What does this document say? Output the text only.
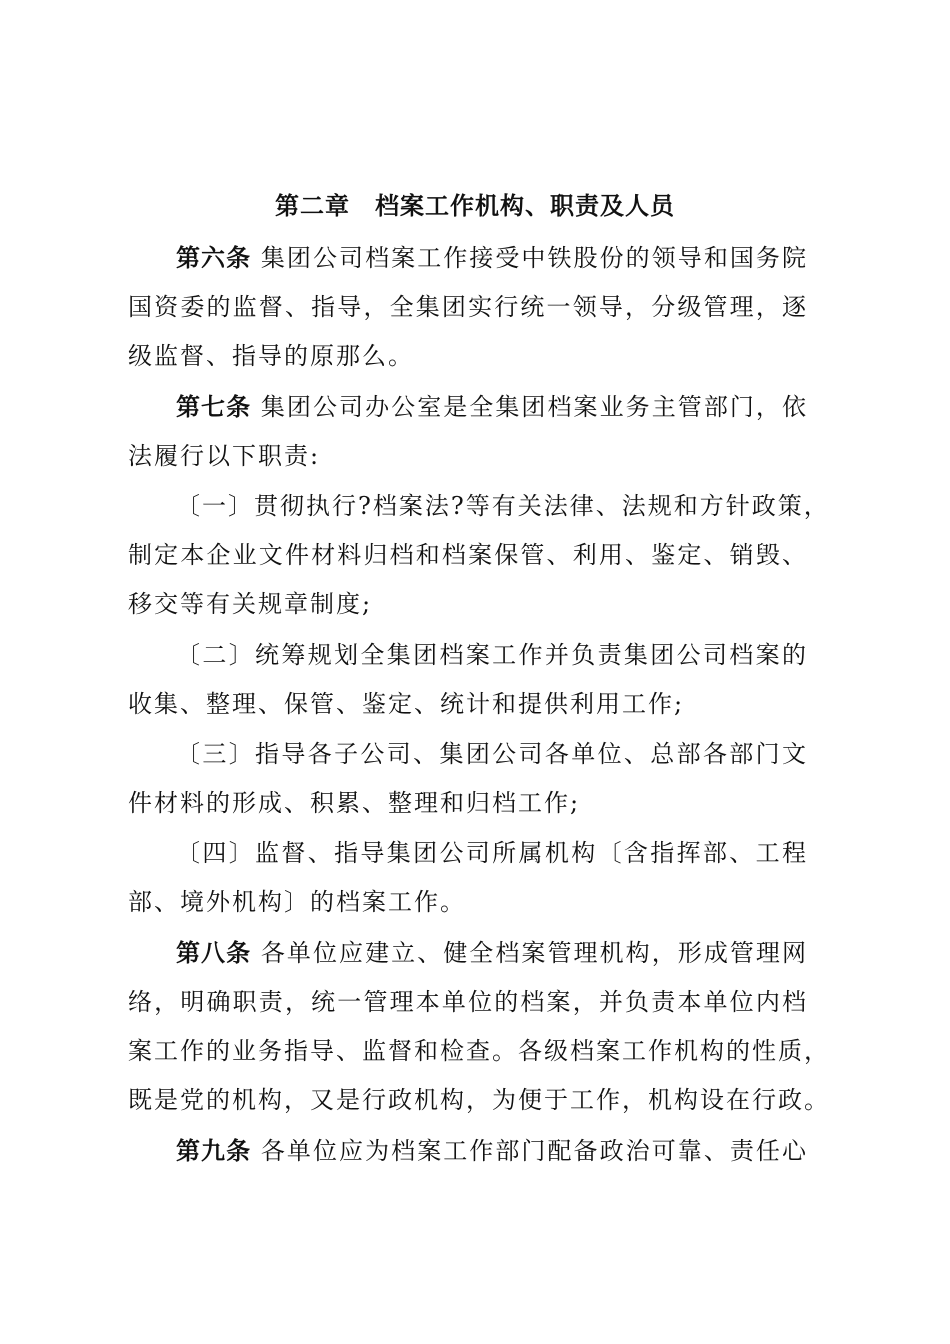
第二章　档案工作机构、职责及人员
第六条 集团公司档案工作接受中铁股份的领导和国务院
国资委的监督、指导，全集团实行统一领导，分级管理，逐
级监督、指导的原那么。
第七条 集团公司办公室是全集团档案业务主管部门，依
法履行以下职责:
〔一〕贯彻执行?档案法?等有关法律、法规和方针政策，
制定本企业文件材料归档和档案保管、利用、鉴定、销毁、
移交等有关规章制度;
〔二〕统筹规划全集团档案工作并负责集团公司档案的
收集、整理、保管、鉴定、统计和提供利用工作;
〔三〕指导各子公司、集团公司各单位、总部各部门文
件材料的形成、积累、整理和归档工作;
〔四〕监督、指导集团公司所属机构〔含指挥部、工程
部、境外机构〕的档案工作。
第八条 各单位应建立、健全档案管理机构，形成管理网
络，明确职责，统一管理本单位的档案，并负责本单位内档
案工作的业务指导、监督和检查。各级档案工作机构的性质，
既是党的机构，又是行政机构，为便于工作，机构设在行政。
第九条 各单位应为档案工作部门配备政治可靠、责任心
